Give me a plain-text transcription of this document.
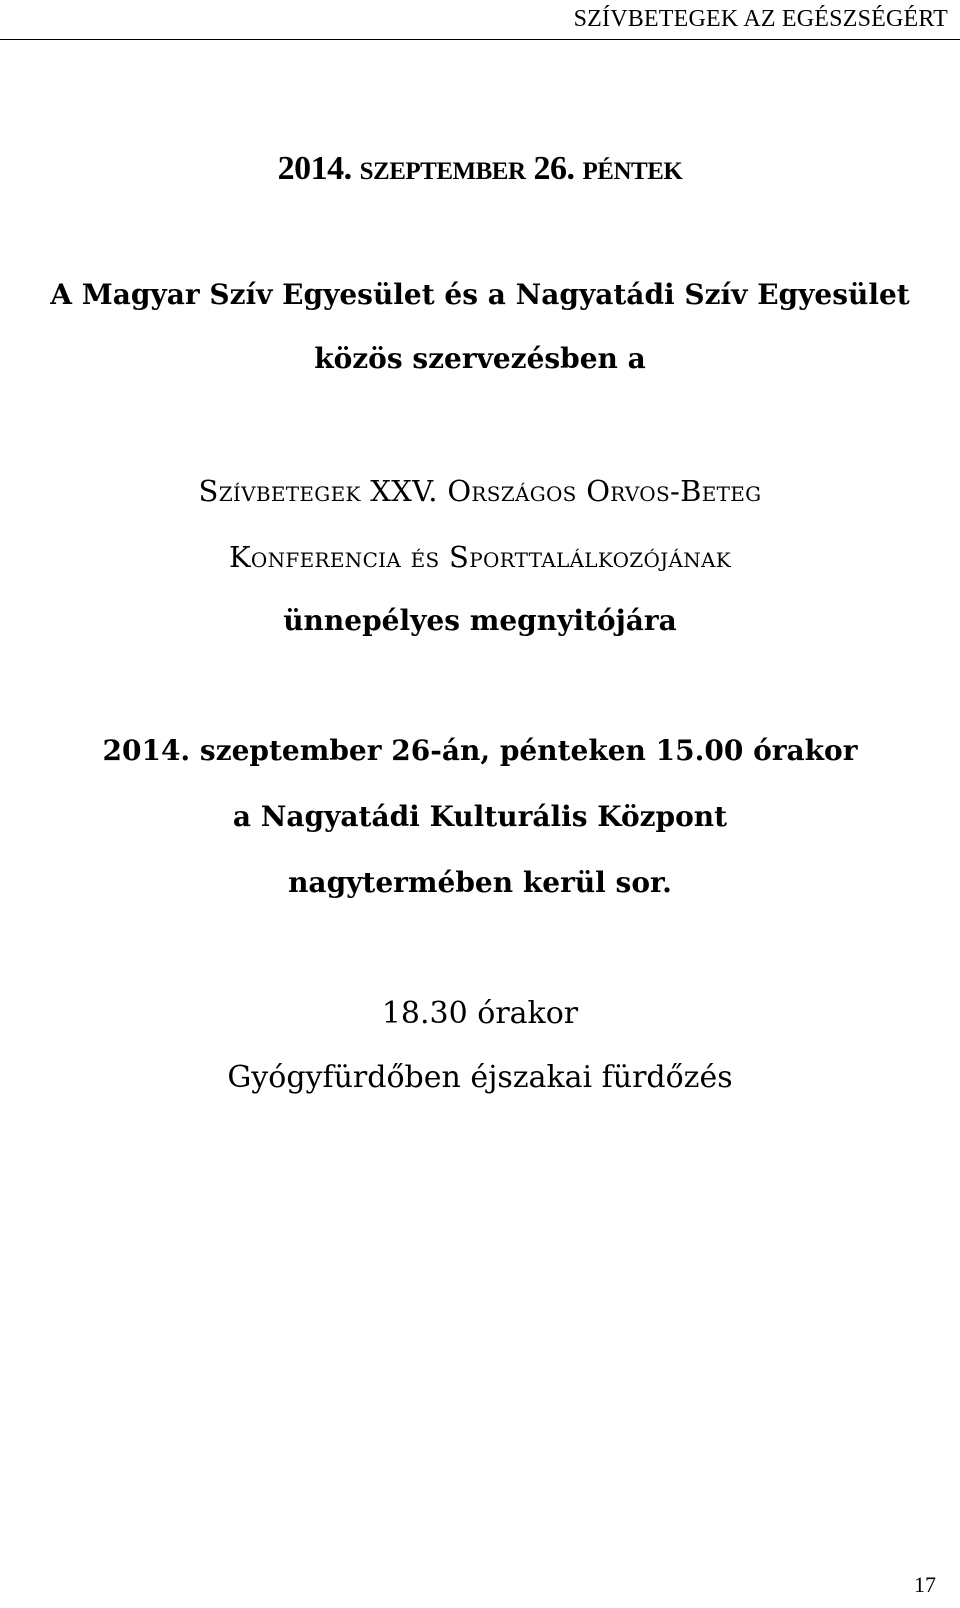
SZÍVBETEGEK AZ EGÉSZSÉGÉRT
2014. SZEPTEMBER 26. PÉNTEK
A Magyar Szív Egyesület és a Nagyatádi Szív Egyesület
közös szervezésben a
Szívbetegek XXV. Országos Orvos-Beteg
Konferencia és Sporttalálkozójának
ünnepélyes megnyitójára
2014. szeptember 26-án, pénteken 15.00 órakor
a Nagyatádi Kulturális Központ
nagytermében kerül sor.
18.30 órakor
Gyógyfürdőben éjszakai fürdőzés
17
